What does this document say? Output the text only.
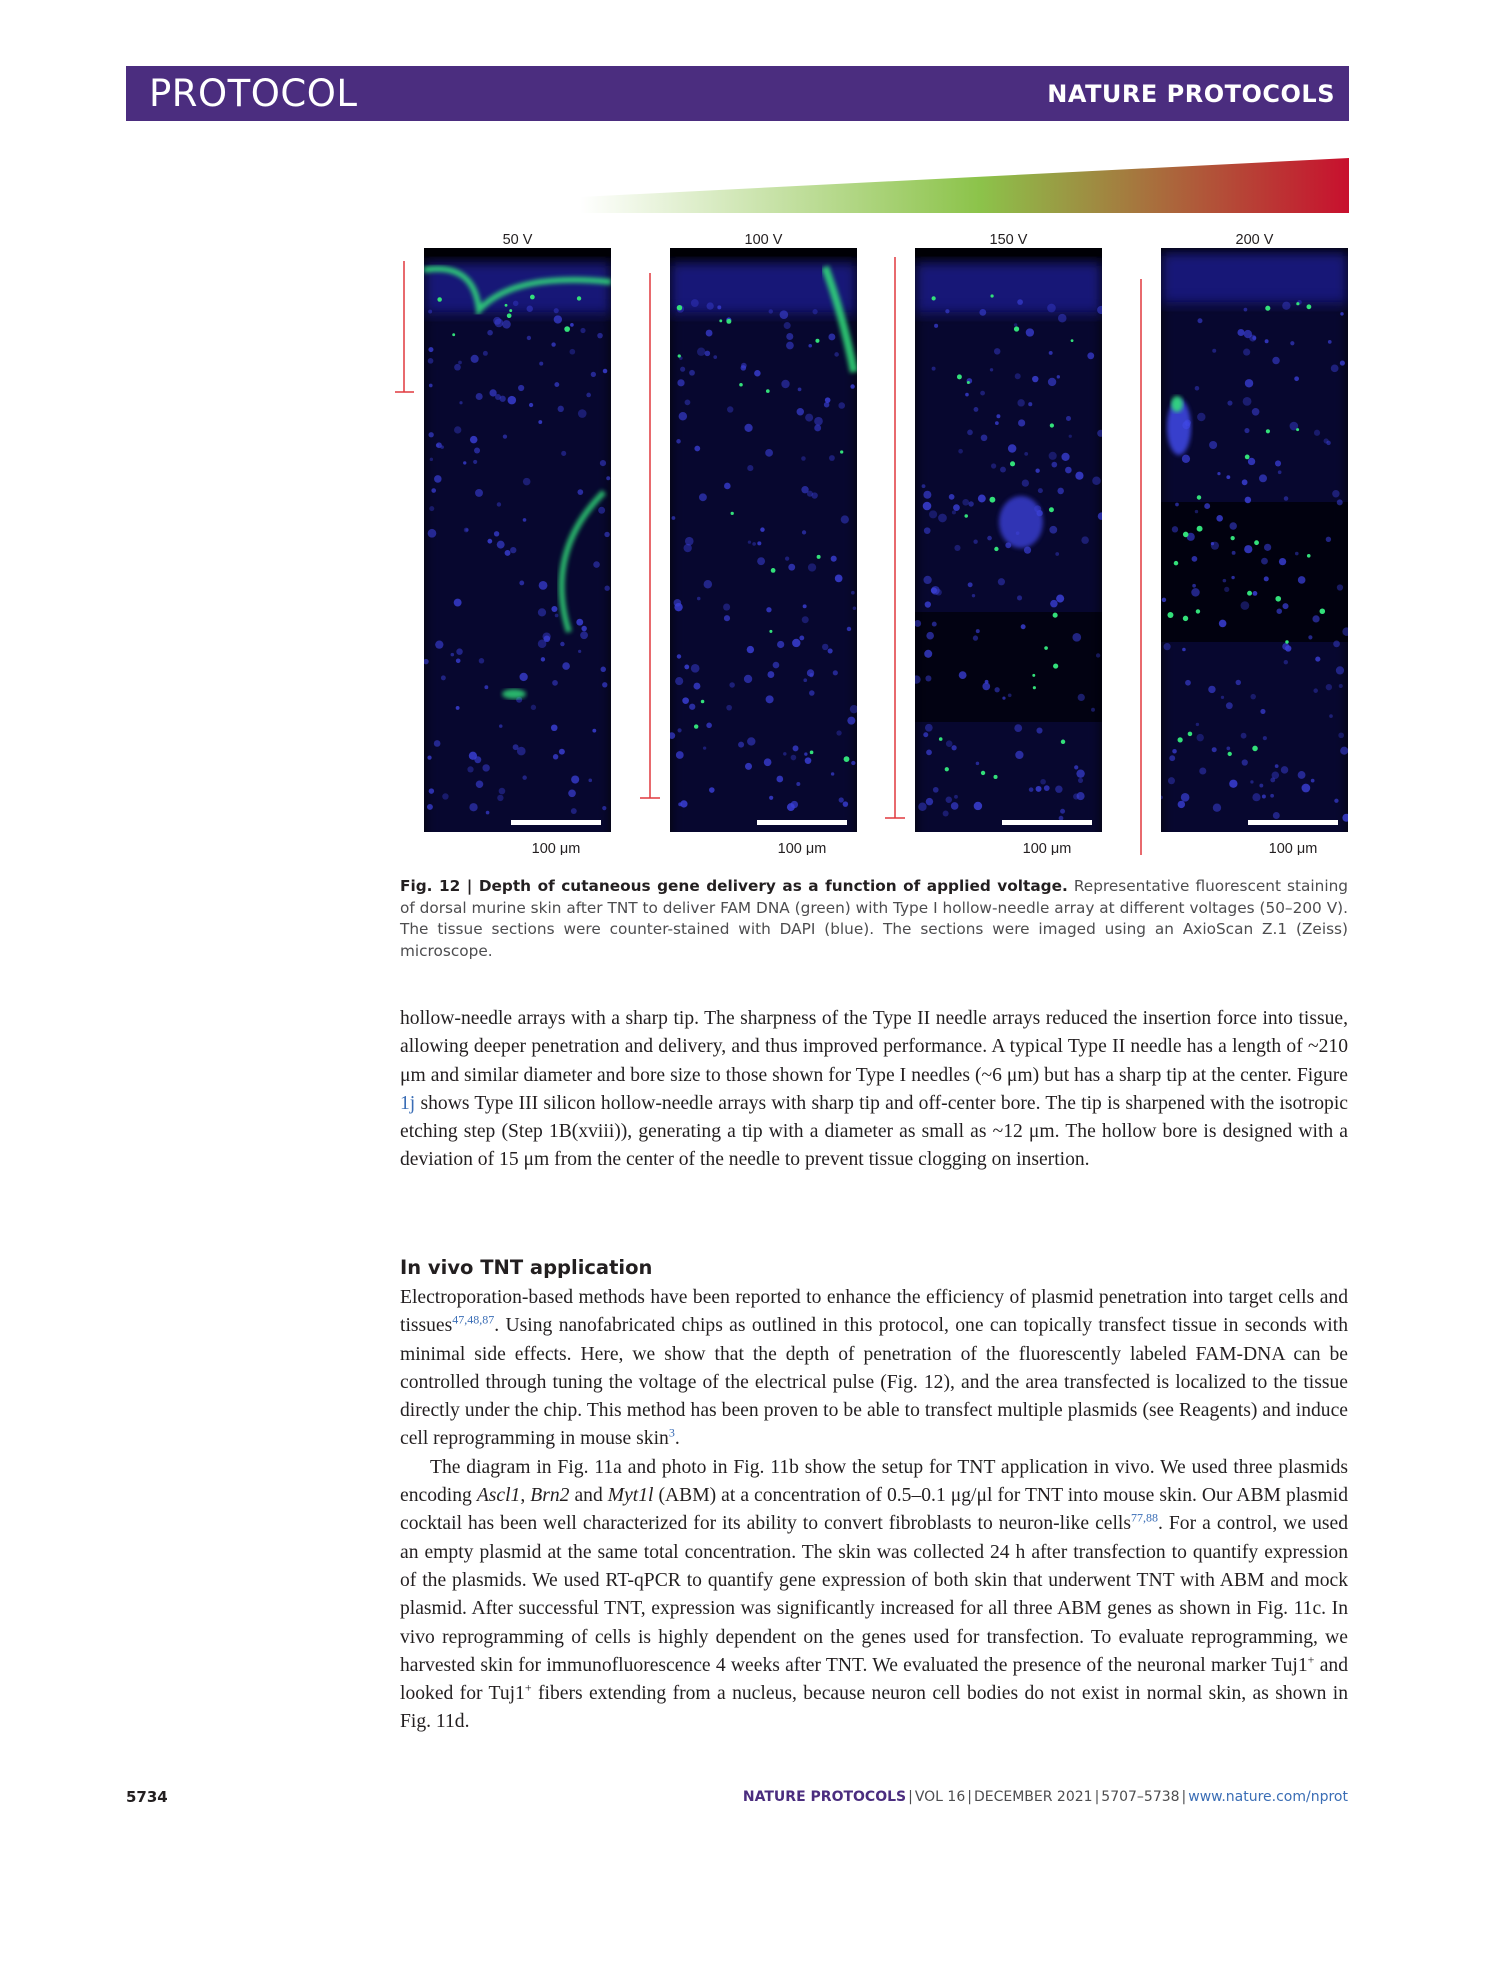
PROTOCOL	NATURE PROTOCOLS
50 V
100 μm
100 V
100 μm
150 V
100 μm
200 V
100 μm
Fig. 12 | Depth of cutaneous gene delivery as a function of applied voltage. Representative fluorescent staining of dorsal murine skin after TNT to deliver FAM DNA (green) with Type I hollow-needle array at different voltages (50–200 V). The tissue sections were counter-stained with DAPI (blue). The sections were imaged using an AxioScan Z.1 (Zeiss) microscope.

hollow-needle arrays with a sharp tip. The sharpness of the Type II needle arrays reduced the insertion force into tissue, allowing deeper penetration and delivery, and thus improved performance. A typical Type II needle has a length of ~210 μm and similar diameter and bore size to those shown for Type I needles (~6 μm) but has a sharp tip at the center. Figure 1j shows Type III silicon hollow-needle arrays with sharp tip and off-center bore. The tip is sharpened with the isotropic etching step (Step 1B(xviii)), generating a tip with a diameter as small as ~12 μm. The hollow bore is designed with a deviation of 15 μm from the center of the needle to prevent tissue clogging on insertion.

In vivo TNT application

Electroporation-based methods have been reported to enhance the efficiency of plasmid penetration into target cells and tissues$^{47,48,87}$. Using nanofabricated chips as outlined in this protocol, one can topically transfect tissue in seconds with minimal side effects. Here, we show that the depth of penetration of the fluorescently labeled FAM-DNA can be controlled through tuning the voltage of the electrical pulse (Fig. 12), and the area transfected is localized to the tissue directly under the chip. This method has been proven to be able to transfect multiple plasmids (see Reagents) and induce cell reprogramming in mouse skin$^3$.

The diagram in Fig. 11a and photo in Fig. 11b show the setup for TNT application in vivo. We used three plasmids encoding Ascl1, Brn2 and Myt1l (ABM) at a concentration of 0.5–0.1 μg/μl for TNT into mouse skin. Our ABM plasmid cocktail has been well characterized for its ability to convert fibroblasts to neuron-like cells$^{77,88}$. For a control, we used an empty plasmid at the same total concentration. The skin was collected 24 h after transfection to quantify expression of the plasmids. We used RT-qPCR to quantify gene expression of both skin that underwent TNT with ABM and mock plasmid. After successful TNT, expression was significantly increased for all three ABM genes as shown in Fig. 11c. In vivo reprogramming of cells is highly dependent on the genes used for transfection. To evaluate reprogramming, we harvested skin for immunofluorescence 4 weeks after TNT. We evaluated the presence of the neuronal marker Tuj1+ and looked for Tuj1+ fibers extending from a nucleus, because neuron cell bodies do not exist in normal skin, as shown in Fig. 11d.

5734	NATURE PROTOCOLS | VOL 16 | DECEMBER 2021 | 5707–5738 | www.nature.com/nprot
